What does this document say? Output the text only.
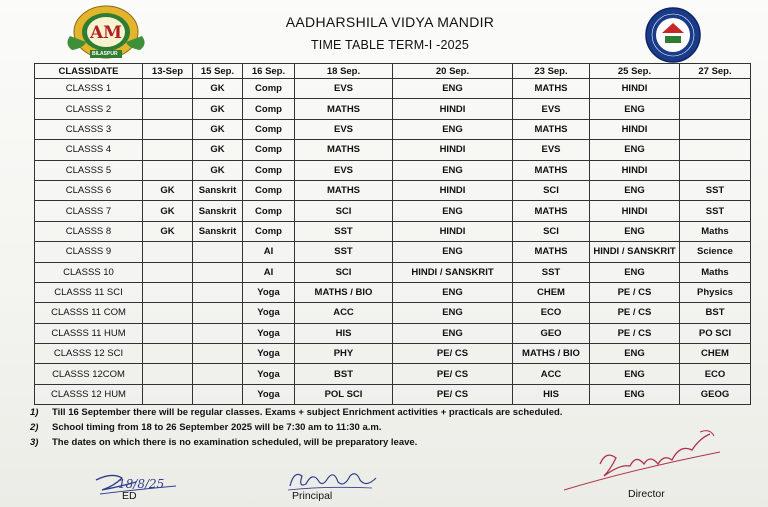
AM
BILASPUR
AADHARSHILA VIDYA MANDIR
TIME TABLE TERM-I -2025
CLASS\DATE	13-Sep	15 Sep.	16 Sep.	18 Sep.	20 Sep.	23 Sep.	25 Sep.	27 Sep.
CLASSS 1		GK	Comp	EVS	ENG	MATHS	HINDI	
CLASSS 2		GK	Comp	MATHS	HINDI	EVS	ENG	
CLASSS 3		GK	Comp	EVS	ENG	MATHS	HINDI	
CLASSS 4		GK	Comp	MATHS	HINDI	EVS	ENG	
CLASSS 5		GK	Comp	EVS	ENG	MATHS	HINDI	
CLASSS 6	GK	Sanskrit	Comp	MATHS	HINDI	SCI	ENG	SST
CLASSS 7	GK	Sanskrit	Comp	SCI	ENG	MATHS	HINDI	SST
CLASSS 8	GK	Sanskrit	Comp	SST	HINDI	SCI	ENG	Maths
CLASSS 9			AI	SST	ENG	MATHS	HINDI / SANSKRIT	Science
CLASSS 10			AI	SCI	HINDI / SANSKRIT	SST	ENG	Maths
CLASSS 11 SCI			Yoga	MATHS / BIO	ENG	CHEM	PE / CS	Physics
CLASSS 11 COM			Yoga	ACC	ENG	ECO	PE / CS	BST
CLASSS 11 HUM			Yoga	HIS	ENG	GEO	PE / CS	PO SCI
CLASSS 12 SCI			Yoga	PHY	PE/ CS	MATHS / BIO	ENG	CHEM
CLASSS 12COM			Yoga	BST	PE/ CS	ACC	ENG	ECO
CLASSS 12 HUM			Yoga	POL SCI	PE/ CS	HIS	ENG	GEOG
1)	Till 16 September there will be regular classes. Exams + subject Enrichment activities + practicals are scheduled.
2)	School timing from 18 to 26 September 2025 will be 7:30 am to 11:30 a.m.
3)	The dates on which there is no examination scheduled, will be preparatory leave.
18/8/25
ED	Principal	Director
